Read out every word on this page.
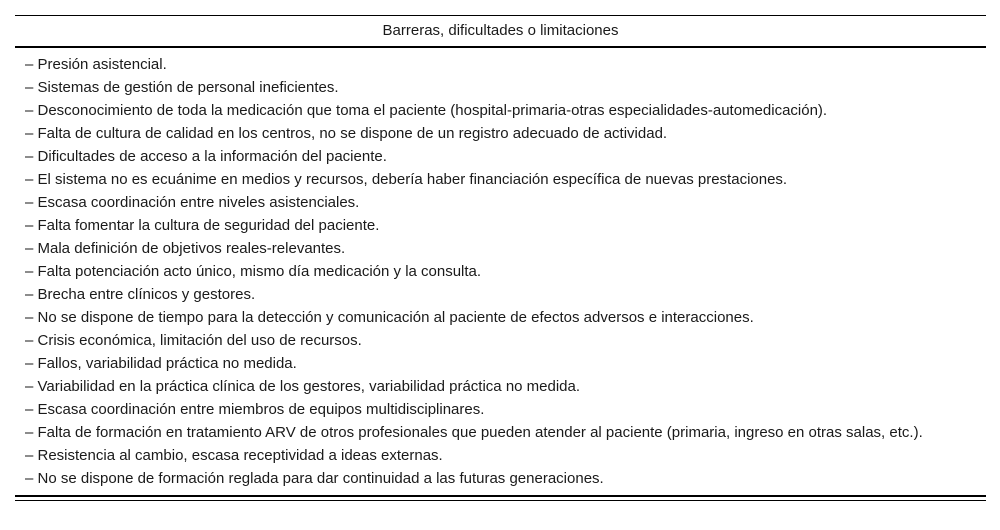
Barreras, dificultades o limitaciones
– Presión asistencial.
– Sistemas de gestión de personal ineficientes.
– Desconocimiento de toda la medicación que toma el paciente (hospital-primaria-otras especialidades-automedicación).
– Falta de cultura de calidad en los centros, no se dispone de un registro adecuado de actividad.
– Dificultades de acceso a la información del paciente.
– El sistema no es ecuánime en medios y recursos, debería haber financiación específica de nuevas prestaciones.
– Escasa coordinación entre niveles asistenciales.
– Falta fomentar la cultura de seguridad del paciente.
– Mala definición de objetivos reales-relevantes.
– Falta potenciación acto único, mismo día medicación y la consulta.
– Brecha entre clínicos y gestores.
– No se dispone de tiempo para la detección y comunicación al paciente de efectos adversos e interacciones.
– Crisis económica, limitación del uso de recursos.
– Fallos, variabilidad práctica no medida.
– Variabilidad en la práctica clínica de los gestores, variabilidad práctica no medida.
– Escasa coordinación entre miembros de equipos multidisciplinares.
– Falta de formación en tratamiento ARV de otros profesionales que pueden atender al paciente (primaria, ingreso en otras salas, etc.).
– Resistencia al cambio, escasa receptividad a ideas externas.
– No se dispone de formación reglada para dar continuidad a las futuras generaciones.
